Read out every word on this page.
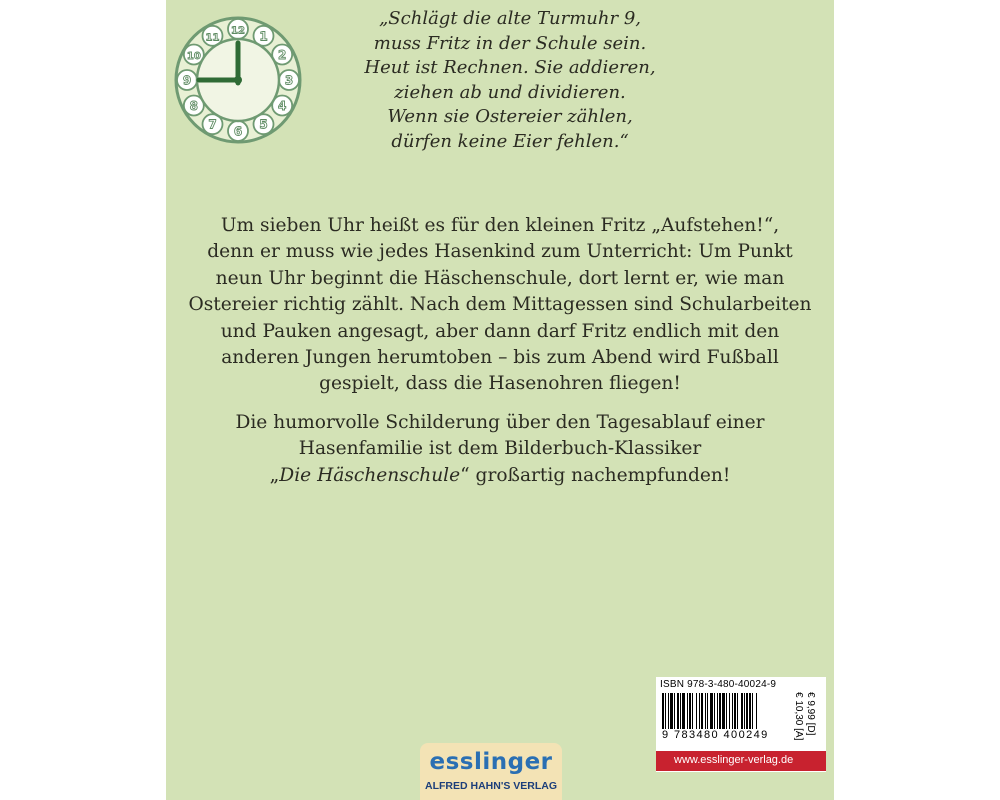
12 1
2
3
4
5
6
7
8
9
10
11
„Schlägt die alte Turmuhr 9,
muss Fritz in der Schule sein.
Heut ist Rechnen. Sie addieren,
ziehen ab und dividieren.
Wenn sie Ostereier zählen,
dürfen keine Eier fehlen.“
Um sieben Uhr heißt es für den kleinen Fritz „Aufstehen!“,
denn er muss wie jedes Hasenkind zum Unterricht: Um Punkt
neun Uhr beginnt die Häschenschule, dort lernt er, wie man
Ostereier richtig zählt. Nach dem Mittagessen sind Schularbeiten
und Pauken angesagt, aber dann darf Fritz endlich mit den
anderen Jungen herumtoben – bis zum Abend wird Fußball
gespielt, dass die Hasenohren fliegen!
Die humorvolle Schilderung über den Tagesablauf einer
Hasenfamilie ist dem Bilderbuch-Klassiker
„Die Häschenschule“ großartig nachempfunden!
ISBN 978-3-480-40024-9
9 783480 400249	€ 9,99 [D]
€ 10,30 [A]
www.esslinger-verlag.de
esslinger
ALFRED HAHN'S VERLAG
